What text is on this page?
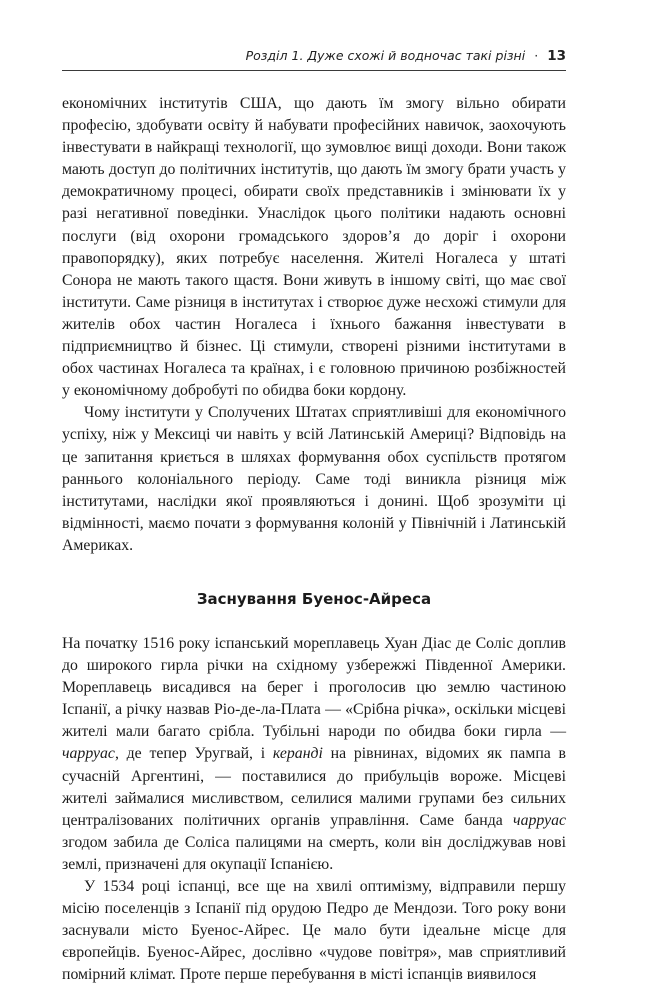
Розділ 1. Дуже схожі й водночас такі різні · 13

економічних інститутів США, що дають їм змогу вільно обирати професію, здобувати освіту й набувати професійних навичок, заохочують інвестувати в найкращі технології, що зумовлює вищі доходи. Вони також мають доступ до політичних інститутів, що дають їм змогу брати участь у демократичному процесі, обирати своїх представників і змінювати їх у разі негативної поведінки. Унаслідок цього політики надають основні послуги (від охорони громадського здоров’я до доріг і охорони правопорядку), яких потребує населення. Жителі Ногалеса у штаті Сонора не мають такого щастя. Вони живуть в іншому світі, що має свої інститути. Саме різниця в інститутах і створює дуже несхожі стимули для жителів обох частин Ногалеса і їхнього бажання інвестувати в підприємництво й бізнес. Ці стимули, створені різними інститутами в обох частинах Ногалеса та країнах, і є головною причиною розбіжностей у економічному добробуті по обидва боки кордону.

Чому інститути у Сполучених Штатах сприятливіші для економічного успіху, ніж у Мексиці чи навіть у всій Латинській Америці? Відповідь на це запитання криється в шляхах формування обох суспільств протягом раннього колоніального періоду. Саме тоді виникла різниця між інститутами, наслідки якої проявляються і донині. Щоб зрозуміти ці відмінності, маємо почати з формування колоній у Північній і Латинській Америках.

Заснування Буенос-Айреса

На початку 1516 року іспанський мореплавець Хуан Діас де Соліс доплив до широкого гирла річки на східному узбережжі Південної Америки. Мореплавець висадився на берег і проголосив цю землю частиною Іспанії, а річку назвав Ріо-де-ла-Плата — «Срібна річка», оскільки місцеві жителі мали багато срібла. Тубільні народи по обидва боки гирла — чарруас, де тепер Уругвай, і керанді на рівнинах, відомих як пампа в сучасній Аргентині, — поставилися до прибульців вороже. Місцеві жителі займалися мисливством, селилися малими групами без сильних централізованих політичних органів управління. Саме банда чарруас згодом забила де Соліса палицями на смерть, коли він досліджував нові землі, призначені для окупації Іспанією.

У 1534 році іспанці, все ще на хвилі оптимізму, відправили першу місію поселенців з Іспанії під орудою Педро де Мендози. Того року вони заснували місто Буенос-Айрес. Це мало бути ідеальне місце для європейців. Буенос-Айрес, дослівно «чудове повітря», мав сприятливий помірний клімат. Проте перше перебування в місті іспанців виявилося
